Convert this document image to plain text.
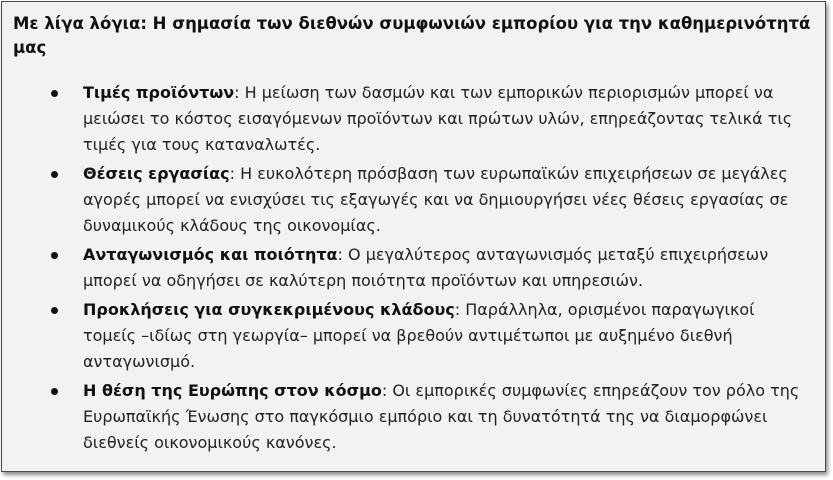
Με λίγα λόγια: Η σημασία των διεθνών συμφωνιών εμπορίου για την καθημερινότητά μας

Τιμές προϊόντων: Η μείωση των δασμών και των εμπορικών περιορισμών μπορεί να μειώσει το κόστος εισαγόμενων προϊόντων και πρώτων υλών, επηρεάζοντας τελικά τις τιμές για τους καταναλωτές.
Θέσεις εργασίας: Η ευκολότερη πρόσβαση των ευρωπαϊκών επιχειρήσεων σε μεγάλες αγορές μπορεί να ενισχύσει τις εξαγωγές και να δημιουργήσει νέες θέσεις εργασίας σε δυναμικούς κλάδους της οικονομίας.
Ανταγωνισμός και ποιότητα: Ο μεγαλύτερος ανταγωνισμός μεταξύ επιχειρήσεων μπορεί να οδηγήσει σε καλύτερη ποιότητα προϊόντων και υπηρεσιών.
Προκλήσεις για συγκεκριμένους κλάδους: Παράλληλα, ορισμένοι παραγωγικοί τομείς –ιδίως στη γεωργία– μπορεί να βρεθούν αντιμέτωποι με αυξημένο διεθνή ανταγωνισμό.
Η θέση της Ευρώπης στον κόσμο: Οι εμπορικές συμφωνίες επηρεάζουν τον ρόλο της Ευρωπαϊκής Ένωσης στο παγκόσμιο εμπόριο και τη δυνατότητά της να διαμορφώνει διεθνείς οικονομικούς κανόνες.
